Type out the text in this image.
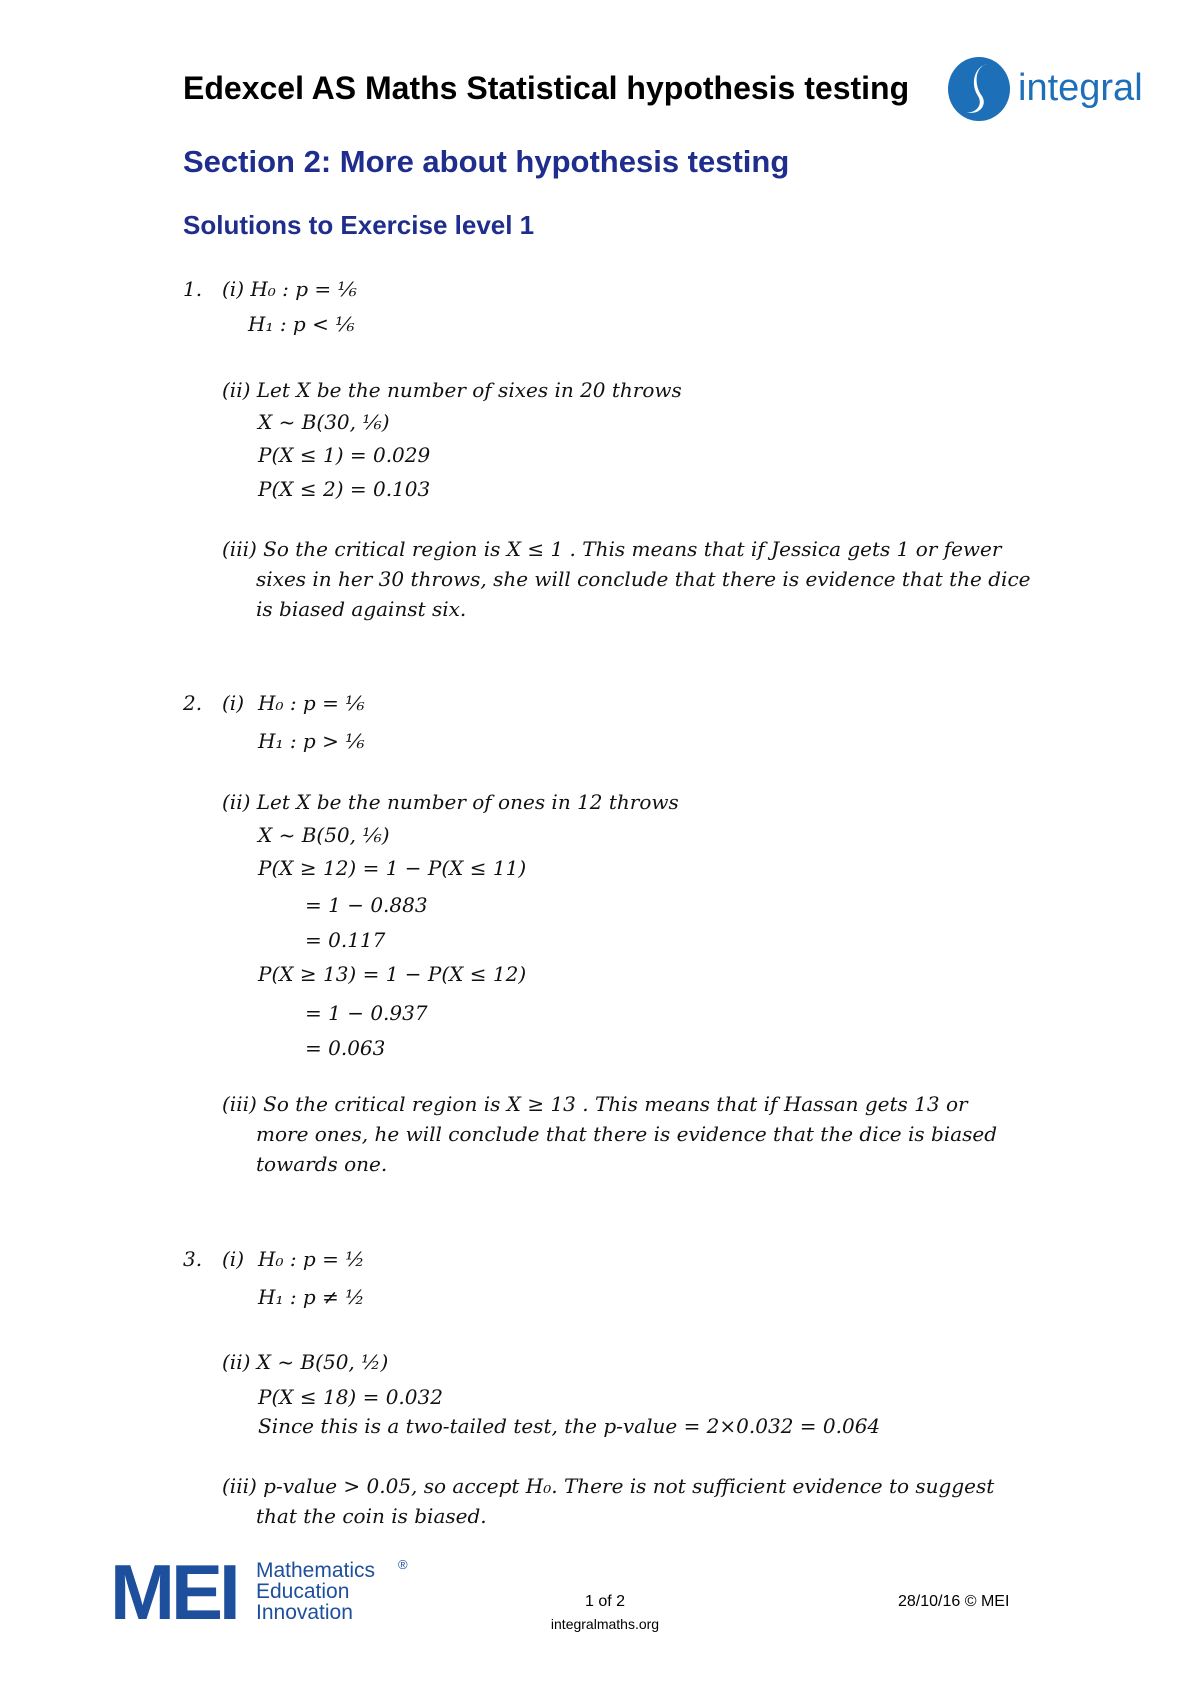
Edexcel AS Maths Statistical hypothesis testing	integral
Section 2: More about hypothesis testing
Solutions to Exercise level 1
1. (i) H₀ : p = ⅙
H₁ : p < ⅙
(ii) Let X be the number of sixes in 20 throws
X ~ B(30, ⅙)
P(X ≤ 1) = 0.029
P(X ≤ 2) = 0.103
(iii) So the critical region is X ≤ 1 . This means that if Jessica gets 1 or fewer
sixes in her 30 throws, she will conclude that there is evidence that the dice
is biased against six.
2. (i) H₀ : p = ⅙
H₁ : p > ⅙
(ii) Let X be the number of ones in 12 throws
X ~ B(50, ⅙)
P(X ≥ 12) = 1 − P(X ≤ 11)
= 1 − 0.883
= 0.117
P(X ≥ 13) = 1 − P(X ≤ 12)
= 1 − 0.937
= 0.063
(iii) So the critical region is X ≥ 13 . This means that if Hassan gets 13 or
more ones, he will conclude that there is evidence that the dice is biased
towards one.
3. (i) H₀ : p = ½
H₁ : p ≠ ½
(ii) X ~ B(50, ½)
P(X ≤ 18) = 0.032
Since this is a two-tailed test, the p-value = 2×0.032 = 0.064
(iii) p-value > 0.05, so accept H₀. There is not sufficient evidence to suggest
that the coin is biased.
MEI Mathematics ®
Education
Innovation	1 of 2
integralmaths.org
28/10/16 © MEI
